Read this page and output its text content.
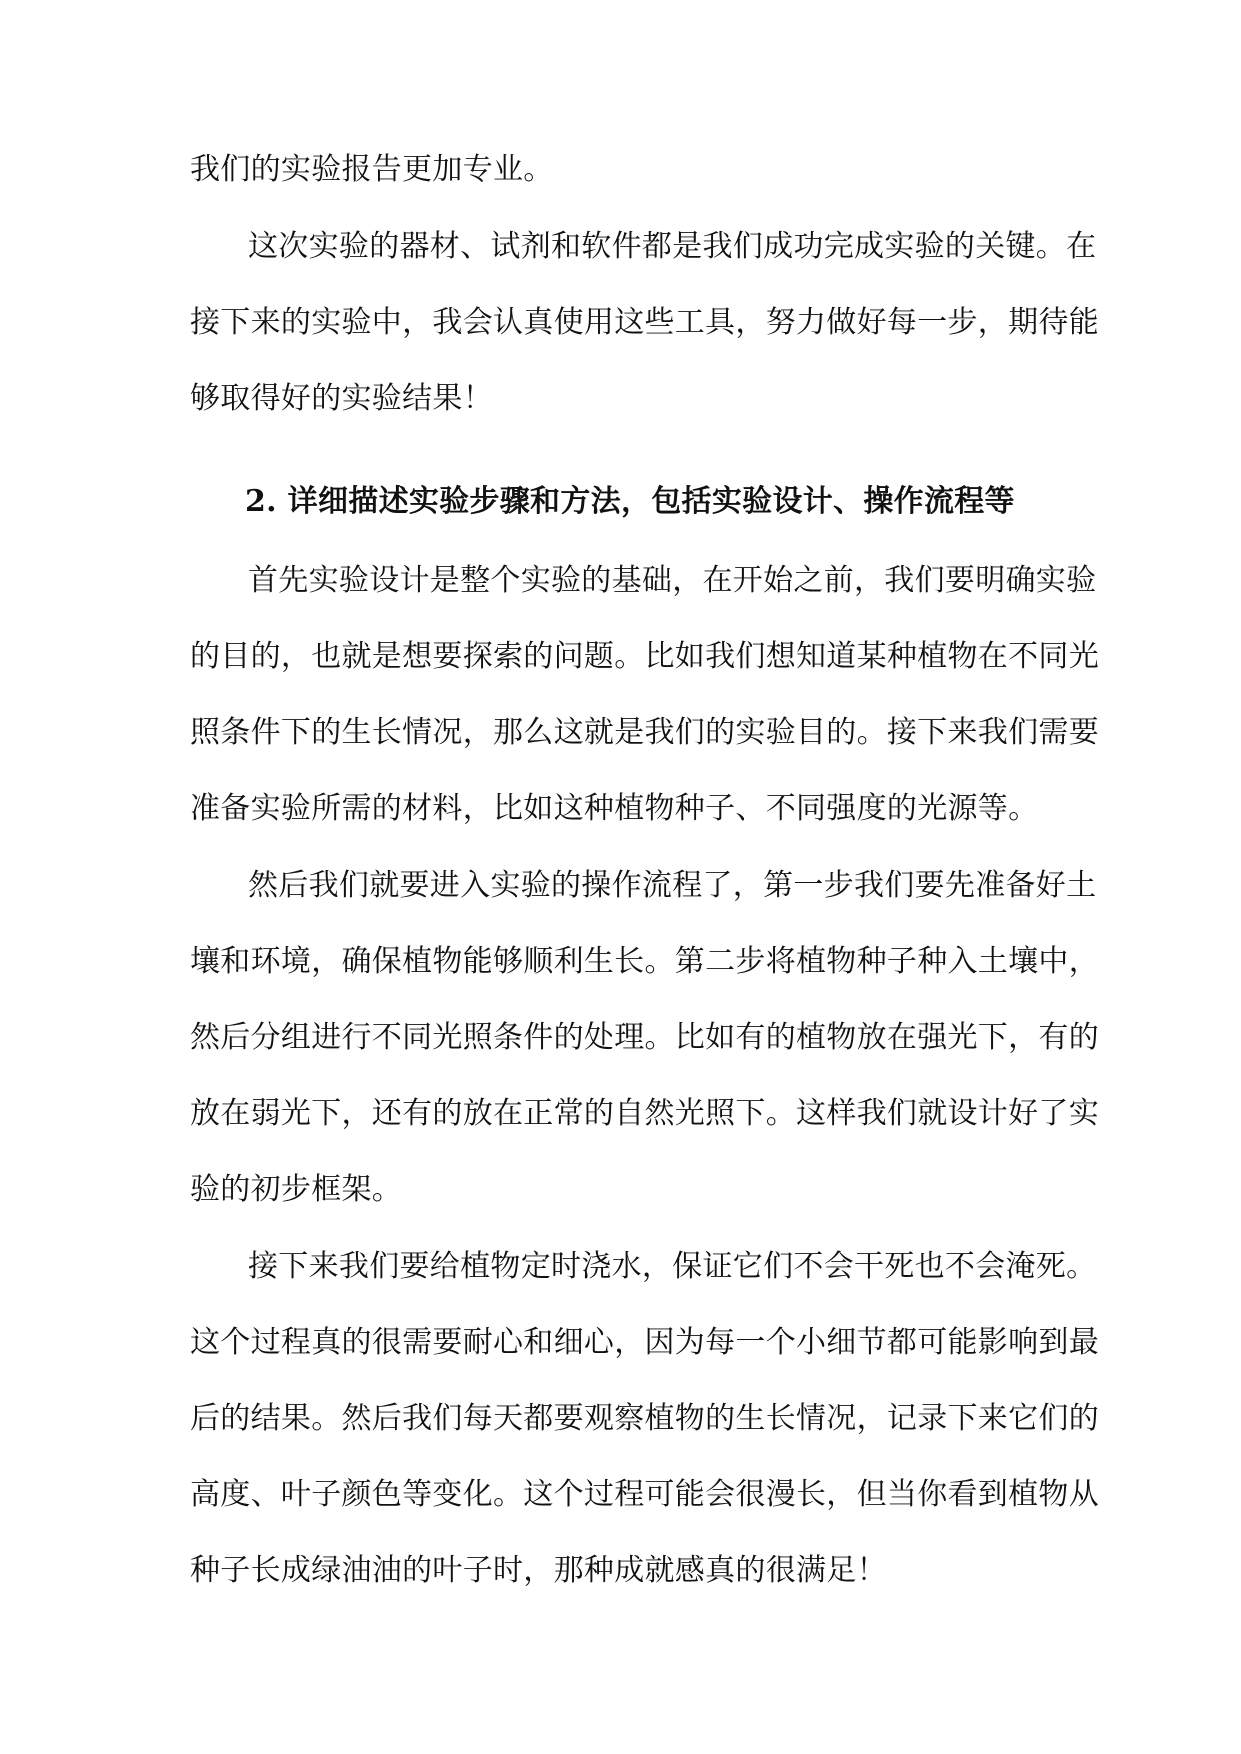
我们的实验报告更加专业。
这次实验的器材、试剂和软件都是我们成功完成实验的关键。在
接下来的实验中，我会认真使用这些工具，努力做好每一步，期待能
够取得好的实验结果！
2. 详细描述实验步骤和方法，包括实验设计、操作流程等
首先实验设计是整个实验的基础，在开始之前，我们要明确实验
的目的，也就是想要探索的问题。比如我们想知道某种植物在不同光
照条件下的生长情况，那么这就是我们的实验目的。接下来我们需要
准备实验所需的材料，比如这种植物种子、不同强度的光源等。
然后我们就要进入实验的操作流程了，第一步我们要先准备好土
壤和环境，确保植物能够顺利生长。第二步将植物种子种入土壤中，
然后分组进行不同光照条件的处理。比如有的植物放在强光下，有的
放在弱光下，还有的放在正常的自然光照下。这样我们就设计好了实
验的初步框架。
接下来我们要给植物定时浇水，保证它们不会干死也不会淹死。
这个过程真的很需要耐心和细心，因为每一个小细节都可能影响到最
后的结果。然后我们每天都要观察植物的生长情况，记录下来它们的
高度、叶子颜色等变化。这个过程可能会很漫长，但当你看到植物从
种子长成绿油油的叶子时，那种成就感真的很满足！
